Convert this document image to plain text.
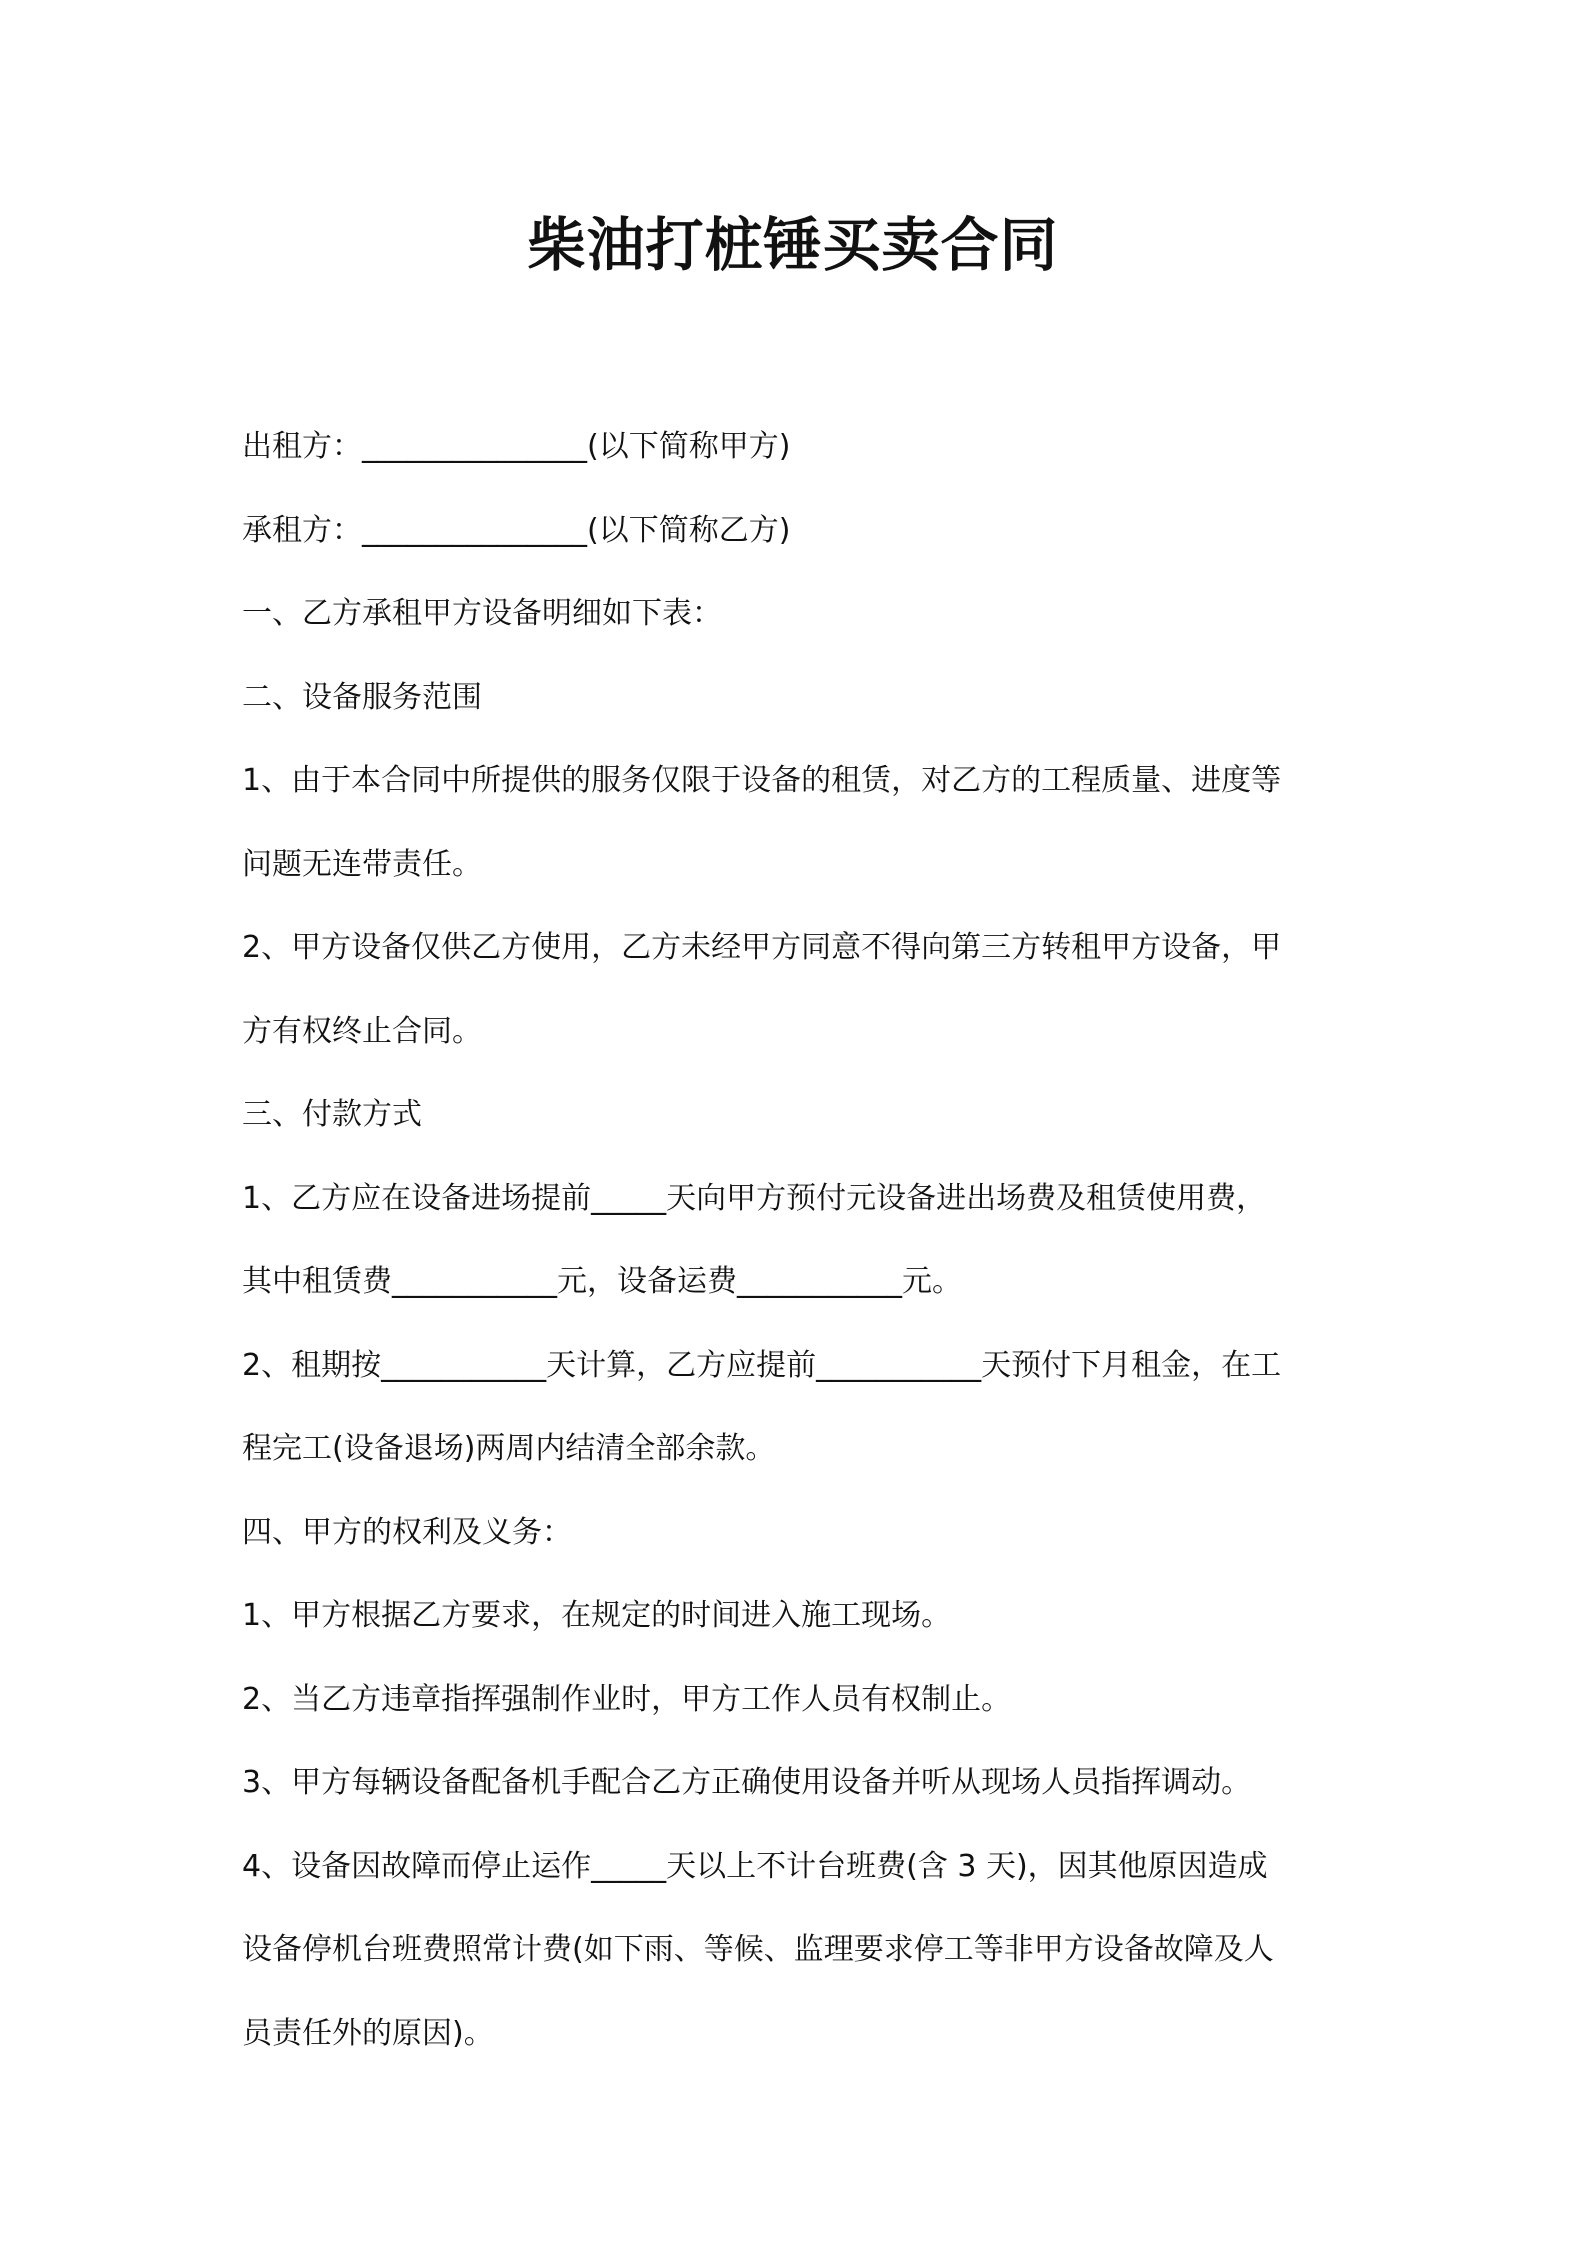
柴油打桩锤买卖合同

出租方：_______________(以下简称甲方)

承租方：_______________(以下简称乙方)

一、乙方承租甲方设备明细如下表：

二、设备服务范围

1、由于本合同中所提供的服务仅限于设备的租赁，对乙方的工程质量、进度等

问题无连带责任。

2、甲方设备仅供乙方使用，乙方未经甲方同意不得向第三方转租甲方设备，甲

方有权终止合同。

三、付款方式

1、乙方应在设备进场提前_____天向甲方预付元设备进出场费及租赁使用费，

其中租赁费___________元，设备运费___________元。

2、租期按___________天计算，乙方应提前___________天预付下月租金，在工

程完工(设备退场)两周内结清全部余款。

四、甲方的权利及义务：

1、甲方根据乙方要求，在规定的时间进入施工现场。

2、当乙方违章指挥强制作业时，甲方工作人员有权制止。

3、甲方每辆设备配备机手配合乙方正确使用设备并听从现场人员指挥调动。

4、设备因故障而停止运作_____天以上不计台班费(含 3 天)，因其他原因造成

设备停机台班费照常计费(如下雨、等候、监理要求停工等非甲方设备故障及人

员责任外的原因)。
